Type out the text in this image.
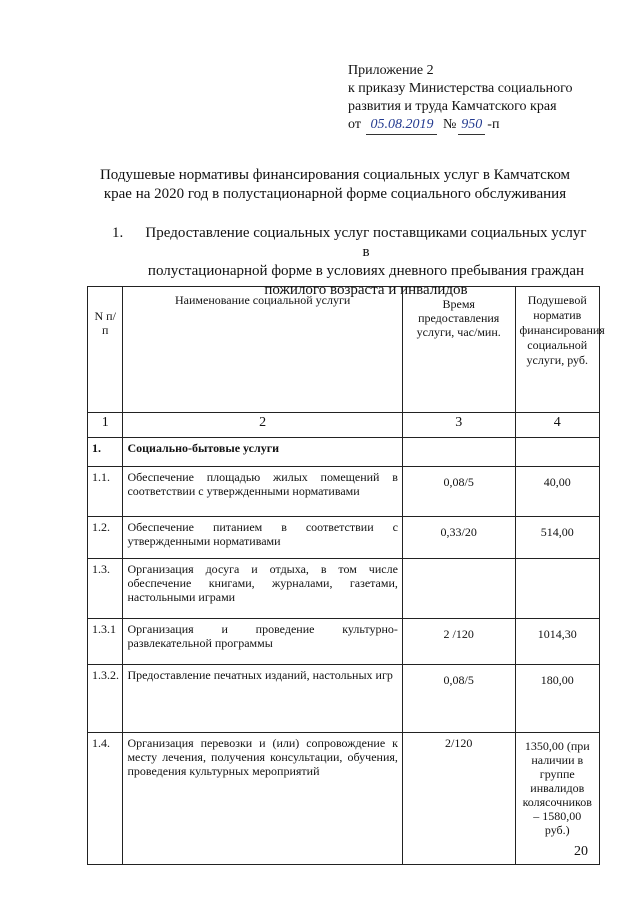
Приложение 2
к приказу Министерства социального
развития и труда Камчатского края
от 05.08.2019 № 950 -п
Подушевые нормативы финансирования социальных услуг в Камчатском
крае на 2020 год в полустационарной форме социального обслуживания
1. Предоставление социальных услуг поставщиками социальных услуг в
полустационарной форме в условиях дневного пребывания граждан
пожилого возраста и инвалидов
N п/п	Наименование социальной услуги	Время предоставления услуги, час/мин.	Подушевой норматив финансирования социальной услуги, руб.
1	2	3	4
1.	Социально-бытовые услуги		
1.1.	Обеспечение площадью жилых помещений в соответствии с утвержденными нормативами	0,08/5	40,00
1.2.	Обеспечение питанием в соответствии с утвержденными нормативами	0,33/20	514,00
1.3.	Организация досуга и отдыха, в том числе обеспечение книгами, журналами, газетами, настольными играми		
1.3.1	Организация и проведение культурно-развлекательной программы	2 /120	1014,30
1.3.2.	Предоставление печатных изданий, настольных игр	0,08/5	180,00
1.4.	Организация перевозки и (или) сопровождение к месту лечения, получения консультации, обучения, проведения культурных мероприятий	2/120	1350,00 (при наличии в группе инвалидов колясочников – 1580,00 руб.)
20
